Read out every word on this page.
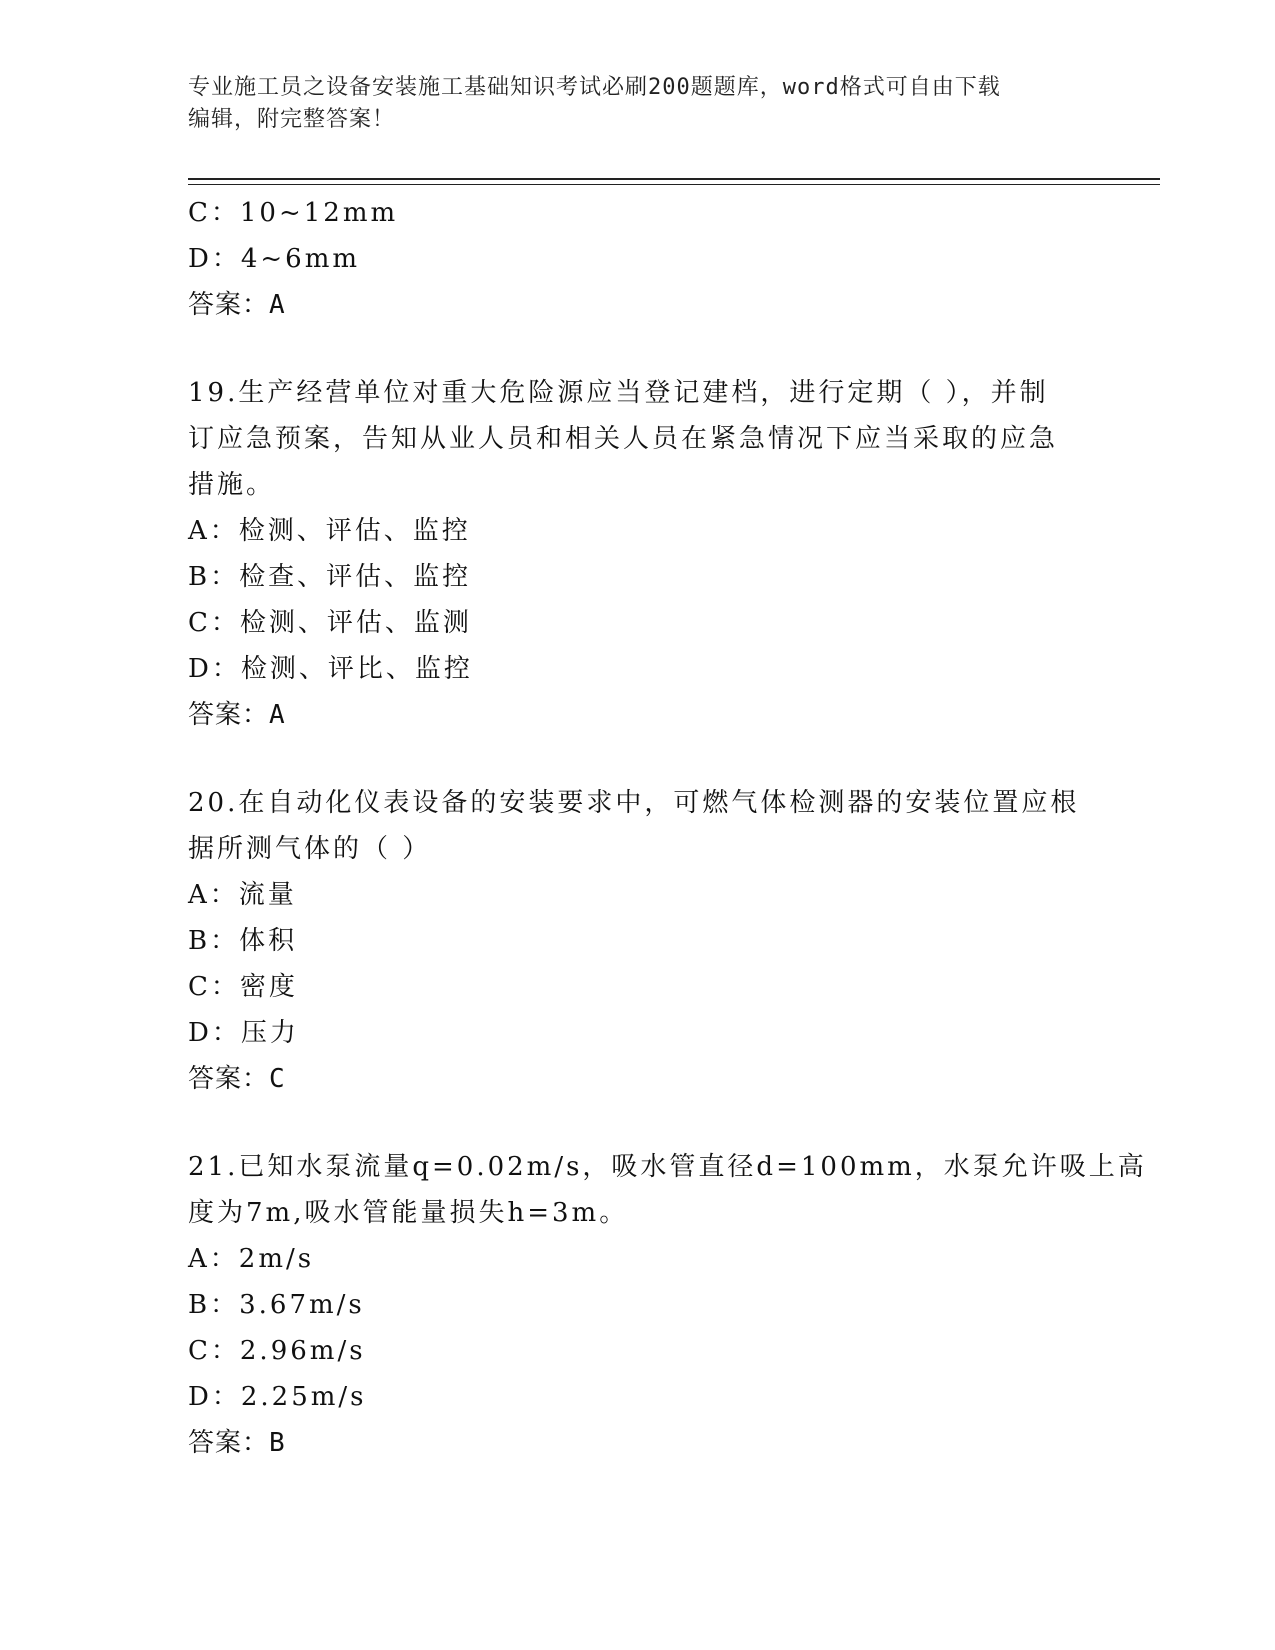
专业施工员之设备安装施工基础知识考试必刷200题题库，word格式可自由下载
编辑，附完整答案！
C：10~12mm
D：4~6mm
答案：A
19.生产经营单位对重大危险源应当登记建档，进行定期（ ），并制
订应急预案，告知从业人员和相关人员在紧急情况下应当采取的应急
措施。
A：检测、评估、监控
B：检查、评估、监控
C：检测、评估、监测
D：检测、评比、监控
答案：A
20.在自动化仪表设备的安装要求中，可燃气体检测器的安装位置应根
据所测气体的（ ）
A：流量
B：体积
C：密度
D：压力
答案：C
21.已知水泵流量q=0.02m/s，吸水管直径d=100mm，水泵允许吸上高
度为7m,吸水管能量损失h=3m。
A：2m/s
B：3.67m/s
C：2.96m/s
D：2.25m/s
答案：B
